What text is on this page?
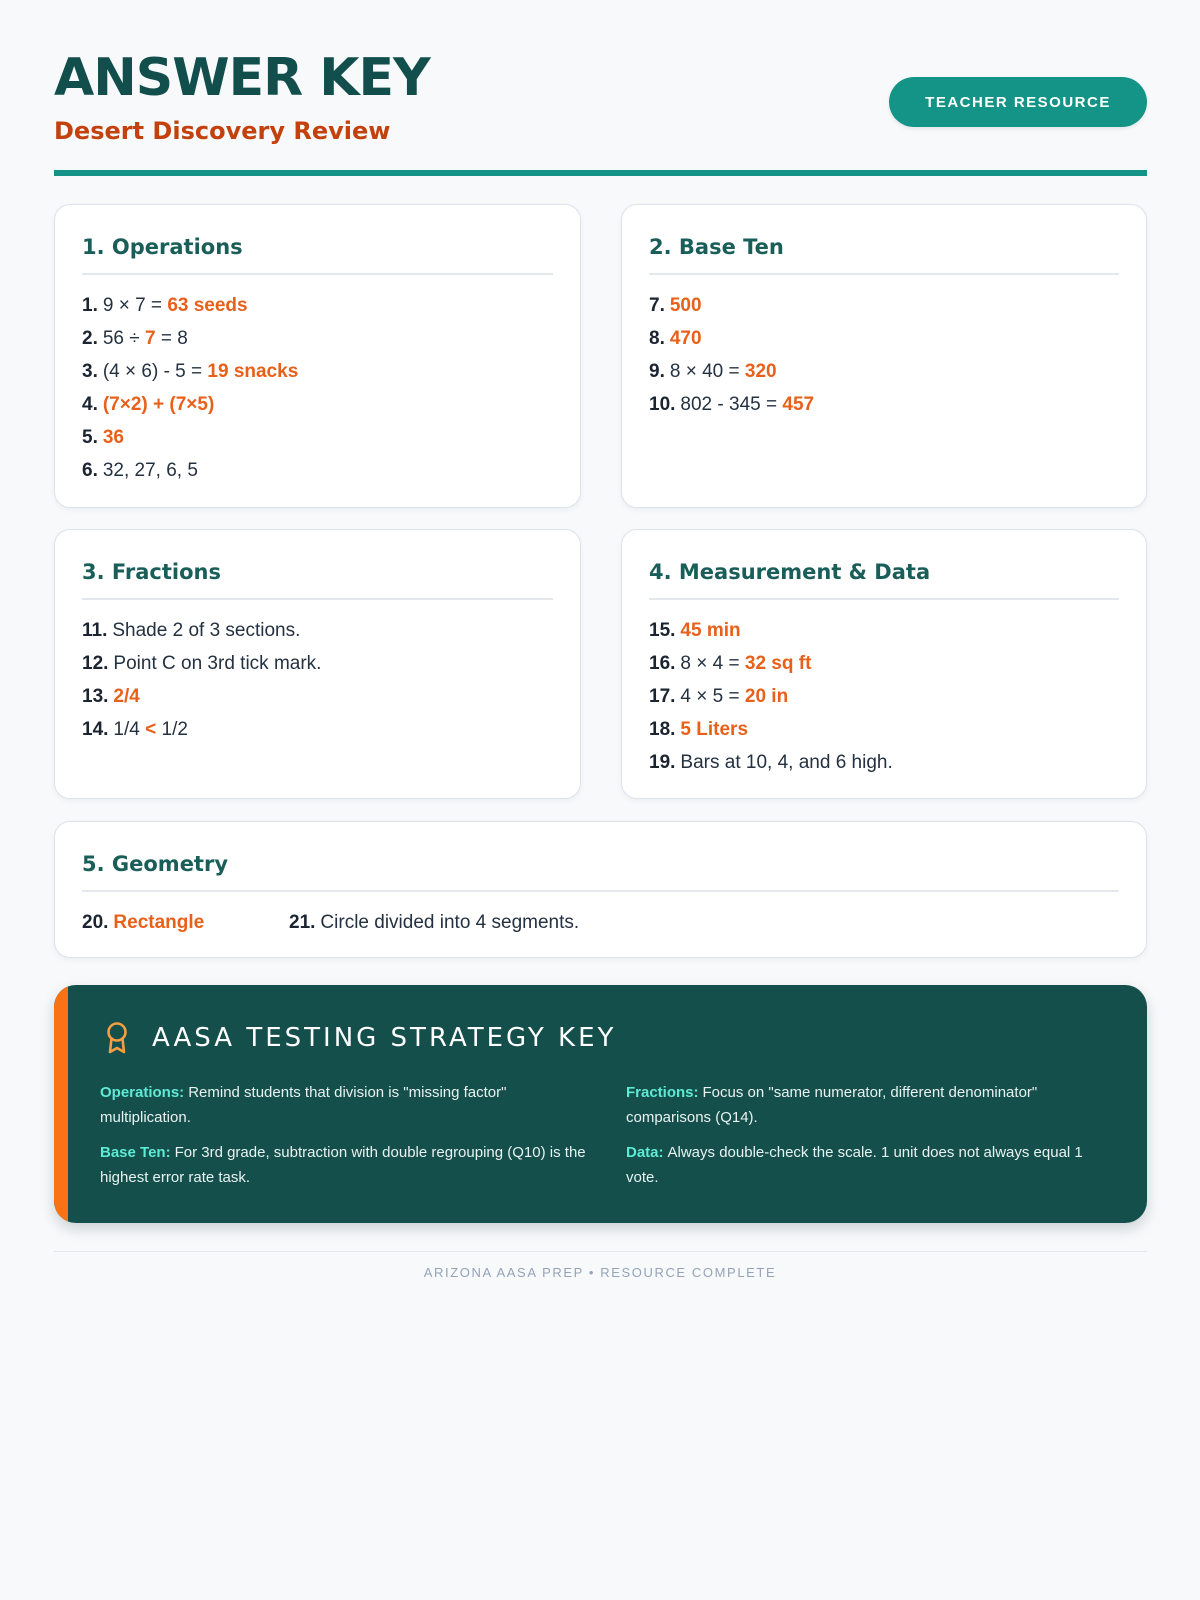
ANSWER KEY
Desert Discovery Review
TEACHER RESOURCE
1. Operations
1. 9 × 7 = 63 seeds
2. 56 ÷ 7 = 8
3. (4 × 6) - 5 = 19 snacks
4. (7×2) + (7×5)
5. 36
6. 32, 27, 6, 5
2. Base Ten
7. 500
8. 470
9. 8 × 40 = 320
10. 802 - 345 = 457
3. Fractions
11. Shade 2 of 3 sections.
12. Point C on 3rd tick mark.
13. 2/4
14. 1/4 < 1/2
4. Measurement & Data
15. 45 min
16. 8 × 4 = 32 sq ft
17. 4 × 5 = 20 in
18. 5 Liters
19. Bars at 10, 4, and 6 high.
5. Geometry
20. Rectangle	21. Circle divided into 4 segments.
AASA TESTING STRATEGY KEY
Operations: Remind students that division is "missing factor" multiplication.
Fractions: Focus on "same numerator, different denominator" comparisons (Q14).
Base Ten: For 3rd grade, subtraction with double regrouping (Q10) is the highest error rate task.
Data: Always double-check the scale. 1 unit does not always equal 1 vote.
ARIZONA AASA PREP • RESOURCE COMPLETE
